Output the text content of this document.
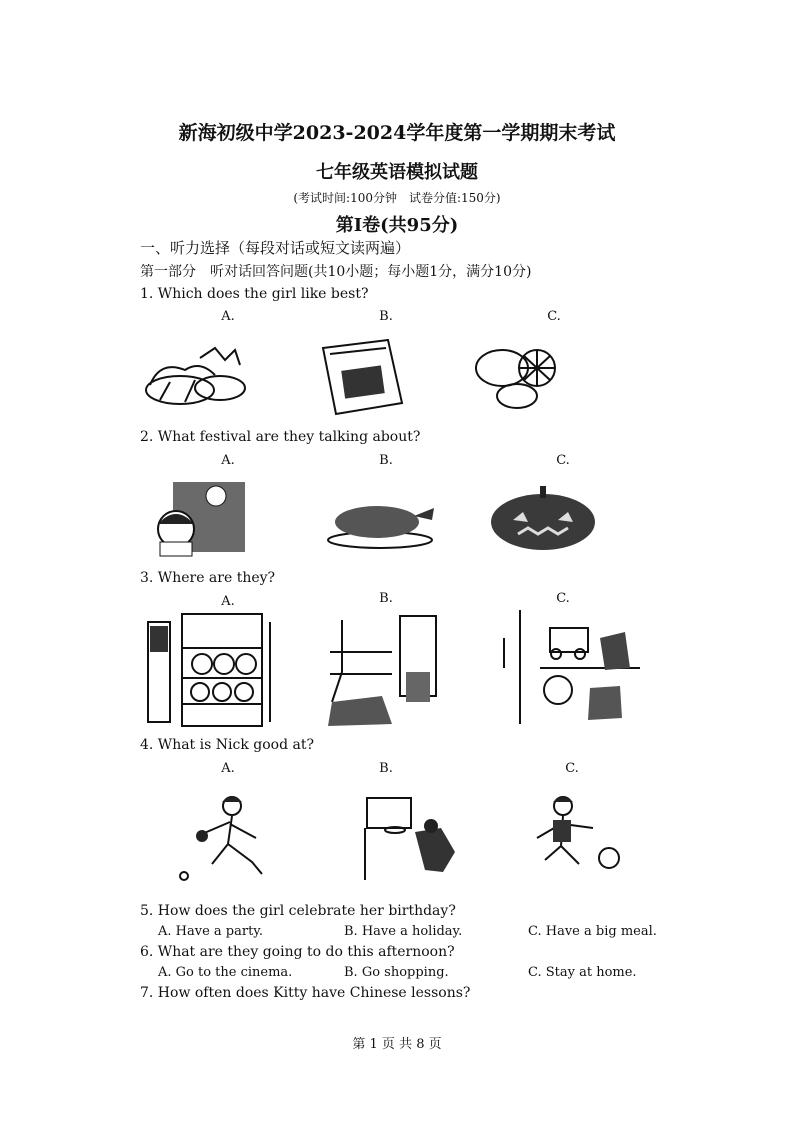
新海初级中学2023-2024学年度第一学期期末考试
七年级英语模拟试题
(考试时间:100分钟　试卷分值:150分)
第Ⅰ卷(共95分)
一、听力选择（每段对话或短文读两遍）
第一部分　听对话回答问题(共10小题；每小题1分，满分10分)
1. Which does the girl like best?
A.	B.	C.
2. What festival are they talking about?
A.	B.	C.
3. Where are they?
A.	B.	C.
4. What is Nick good at?
A.	B.	C.
5. How does the girl celebrate her birthday?
A. Have a party.	B. Have a holiday.	C. Have a big meal.
6. What are they going to do this afternoon?
A. Go to the cinema.	B. Go shopping.	C. Stay at home.
7. How often does Kitty have Chinese lessons?
第 1 页 共 8 页
